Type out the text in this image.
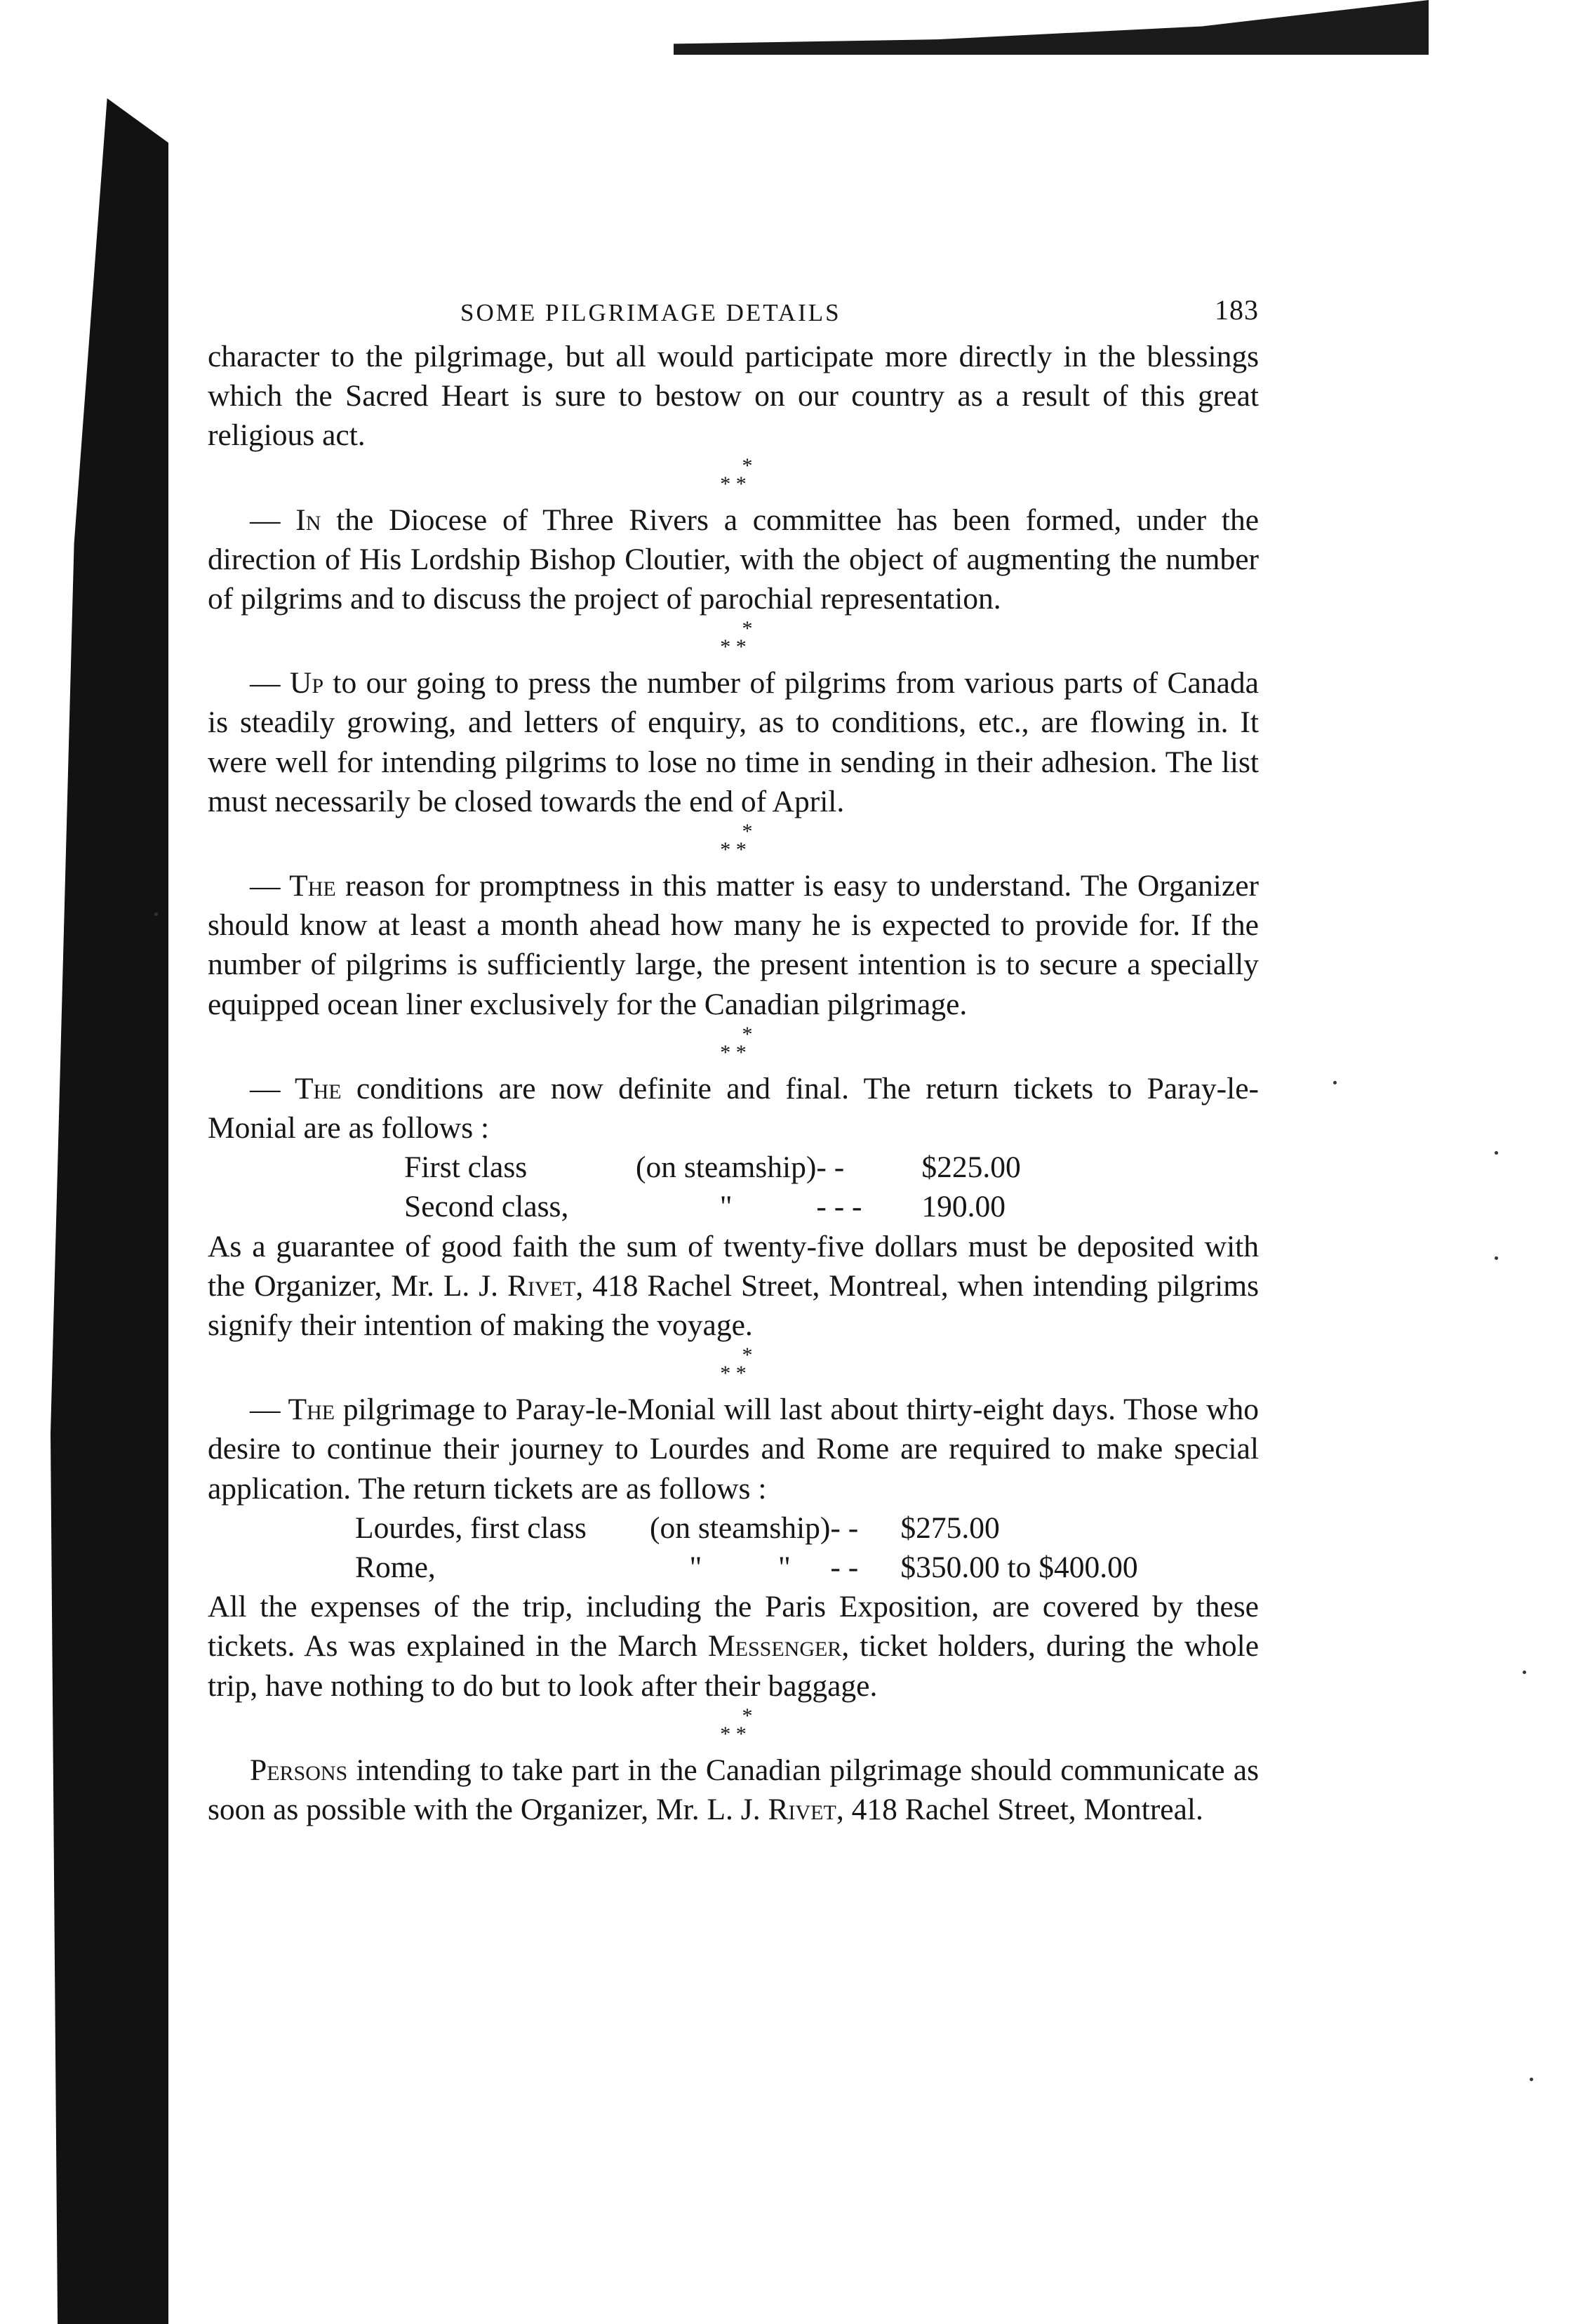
SOME PILGRIMAGE DETAILS	183

character to the pilgrimage, but all would participate more directly in the blessings which the Sacred Heart is sure to bestow on our country as a result of this great religious act.

*
* *

— In the Diocese of Three Rivers a committee has been formed, under the direction of His Lordship Bishop Cloutier, with the object of augmenting the number of pilgrims and to discuss the project of parochial representation.

*
* *

— Up to our going to press the number of pilgrims from various parts of Canada is steadily growing, and letters of enquiry, as to conditions, etc., are flowing in. It were well for intending pilgrims to lose no time in sending in their adhesion. The list must necessarily be closed towards the end of April.

*
* *

— The reason for promptness in this matter is easy to understand. The Organizer should know at least a month ahead how many he is expected to provide for. If the number of pilgrims is sufficiently large, the present intention is to secure a specially equipped ocean liner exclusively for the Canadian pilgrimage.

*
* *

— The conditions are now definite and final. The return tickets to Paray-le-Monial are as follows :

First class	(on steamship)	- -	$225.00
Second class,	"	- - -	190.00

As a guarantee of good faith the sum of twenty-five dollars must be deposited with the Organizer, Mr. L. J. Rivet, 418 Rachel Street, Montreal, when intending pilgrims signify their intention of making the voyage.

*
* *

— The pilgrimage to Paray-le-Monial will last about thirty-eight days. Those who desire to continue their journey to Lourdes and Rome are required to make special application. The return tickets are as follows :

Lourdes, first class	(on steamship)	- -	$275.00
Rome,	"          "	- -	$350.00 to $400.00

All the expenses of the trip, including the Paris Exposition, are covered by these tickets. As was explained in the March Messenger, ticket holders, during the whole trip, have nothing to do but to look after their baggage.

*
* *

Persons intending to take part in the Canadian pilgrimage should communicate as soon as possible with the Organizer, Mr. L. J. Rivet, 418 Rachel Street, Montreal.
